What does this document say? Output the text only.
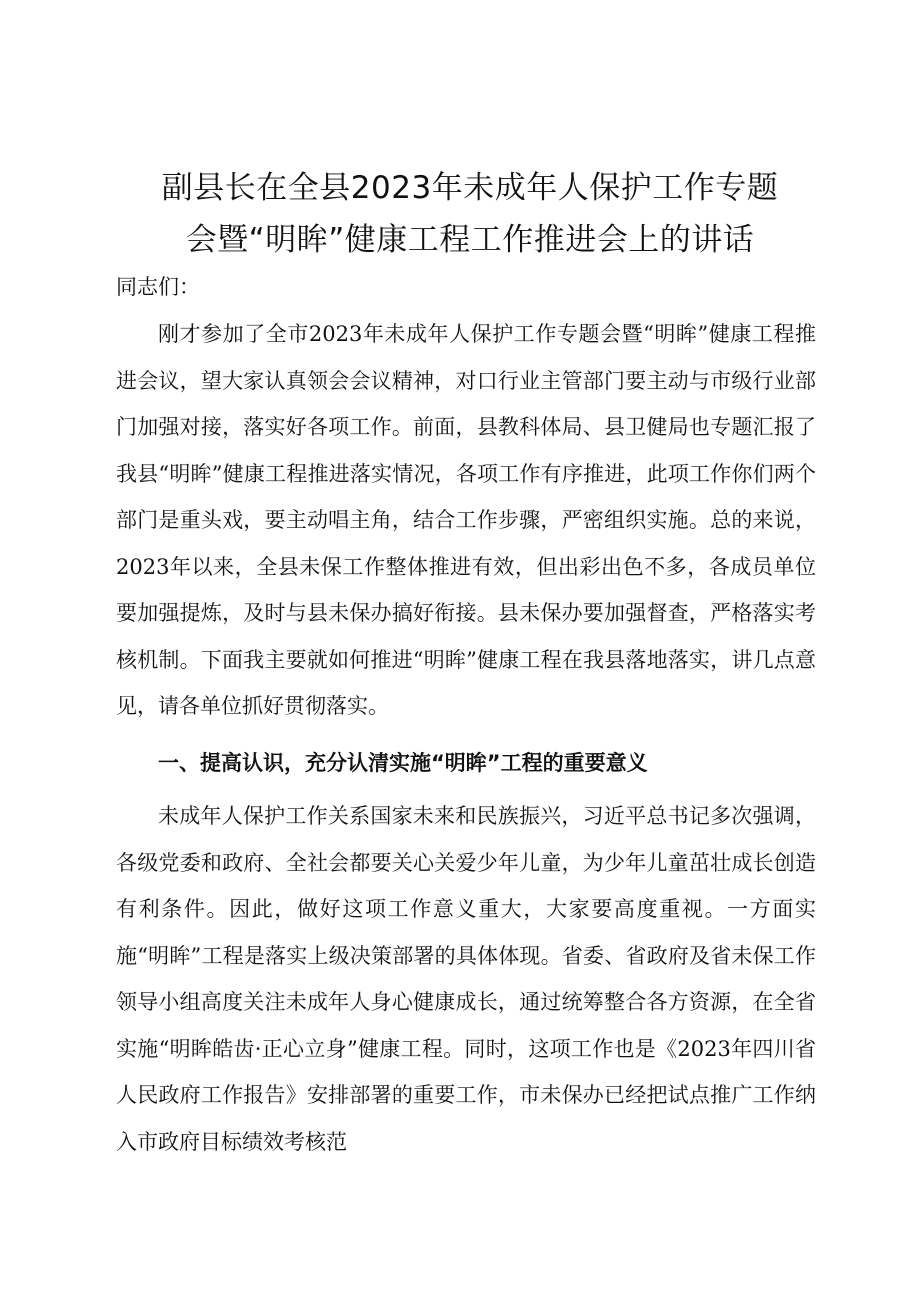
副县长在全县2023年未成年人保护工作专题
会暨“明眸”健康工程工作推进会上的讲话
同志们：

刚才参加了全市2023年未成年人保护工作专题会暨“明眸”健康工程推进会议，望大家认真领会会议精神，对口行业主管部门要主动与市级行业部门加强对接，落实好各项工作。前面，县教科体局、县卫健局也专题汇报了我县“明眸”健康工程推进落实情况，各项工作有序推进，此项工作你们两个部门是重头戏，要主动唱主角，结合工作步骤，严密组织实施。总的来说，2023年以来，全县未保工作整体推进有效，但出彩出色不多，各成员单位要加强提炼，及时与县未保办搞好衔接。县未保办要加强督查，严格落实考核机制。下面我主要就如何推进“明眸”健康工程在我县落地落实，讲几点意见，请各单位抓好贯彻落实。

一、提高认识，充分认清实施“明眸”工程的重要意义

未成年人保护工作关系国家未来和民族振兴，习近平总书记多次强调，各级党委和政府、全社会都要关心关爱少年儿童，为少年儿童茁壮成长创造有利条件。因此，做好这项工作意义重大，大家要高度重视。一方面实施“明眸”工程是落实上级决策部署的具体体现。省委、省政府及省未保工作领导小组高度关注未成年人身心健康成长，通过统筹整合各方资源，在全省实施“明眸皓齿·正心立身”健康工程。同时，这项工作也是《2023年四川省人民政府工作报告》安排部署的重要工作，市未保办已经把试点推广工作纳入市政府目标绩效考核范
